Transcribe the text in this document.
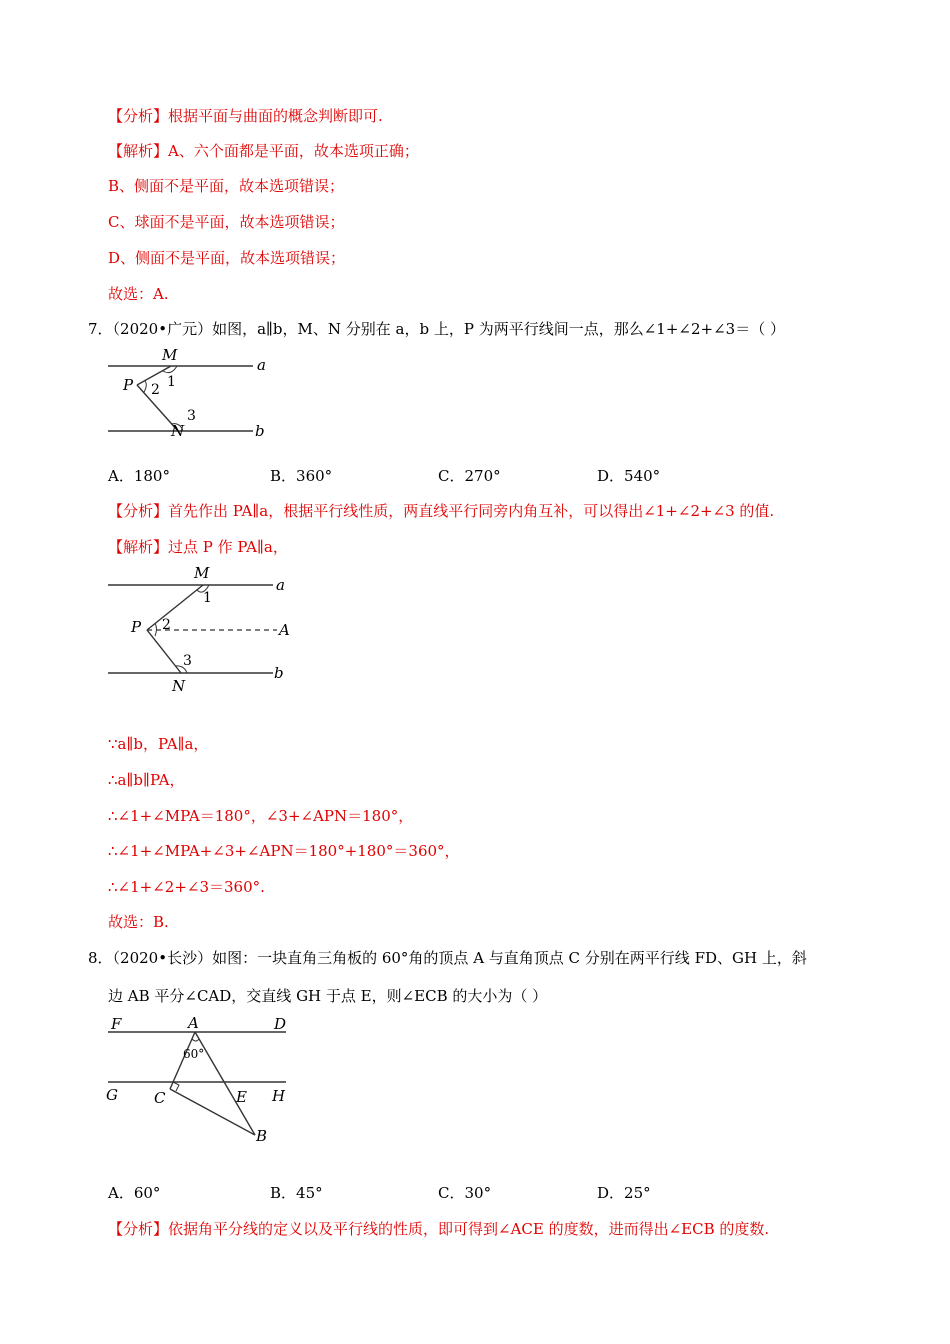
【分析】根据平面与曲面的概念判断即可.
【解析】A、六个面都是平面，故本选项正确；
B、侧面不是平面，故本选项错误；
C、球面不是平面，故本选项错误；
D、侧面不是平面，故本选项错误；
故选：A.
7．（2020•广元）如图，a∥b，M、N 分别在 a，b 上，P 为两平行线间一点，那么∠1+∠2+∠3＝（ ）
M
P
N
a
b
1
2
3
A．180°	B．360°	C．270°	D．540°
【分析】首先作出 PA∥a，根据平行线性质，两直线平行同旁内角互补，可以得出∠1+∠2+∠3 的值.
【解析】过点 P 作 PA∥a，
M
P
N
A
a
b
1
2
3
∵a∥b，PA∥a，
∴a∥b∥PA，
∴∠1+∠MPA＝180°，∠3+∠APN＝180°，
∴∠1+∠MPA+∠3+∠APN＝180°+180°＝360°，
∴∠1+∠2+∠3＝360°.
故选：B.
8．（2020•长沙）如图：一块直角三角板的 60°角的顶点 A 与直角顶点 C 分别在两平行线 FD、GH 上，斜
边 AB 平分∠CAD，交直线 GH 于点 E，则∠ECB 的大小为（ ）
60°
F	A	D
G C	E H
B
A．60°	B．45°	C．30°	D．25°
【分析】依据角平分线的定义以及平行线的性质，即可得到∠ACE 的度数，进而得出∠ECB 的度数.
